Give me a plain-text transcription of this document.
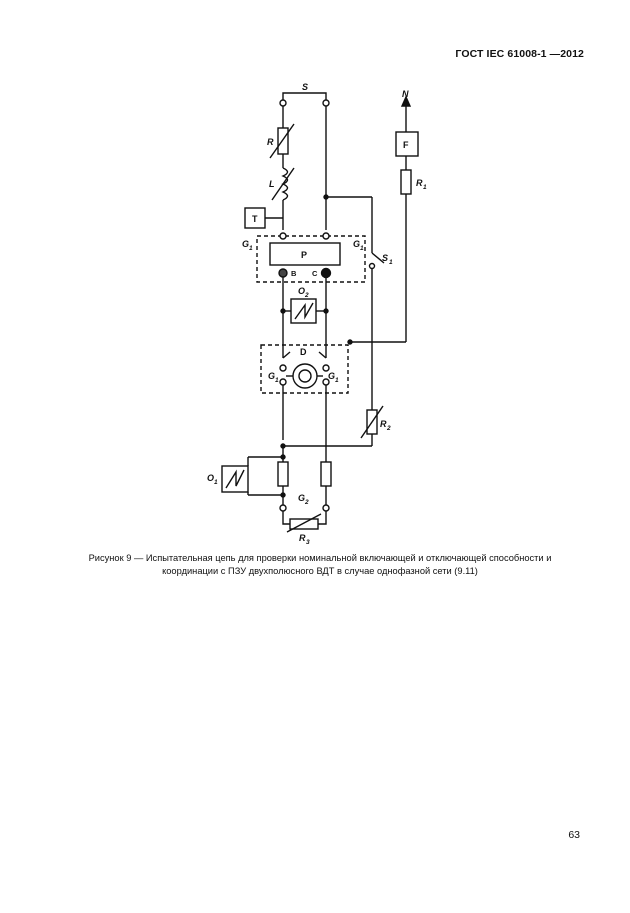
ГОСТ IEC 61008-1 —2012
S
N
F
R 1
R
L
T
G 1	G 1
P	S 1
B C
O 2
D
G 1	G 1
R 2
O 1
G 2
R 3
Рисунок 9 — Испытательная цепь для проверки номинальной включающей и отключающей способности и
координации с ПЗУ двухполюсного ВДТ в случае однофазной сети (9.11)
63
